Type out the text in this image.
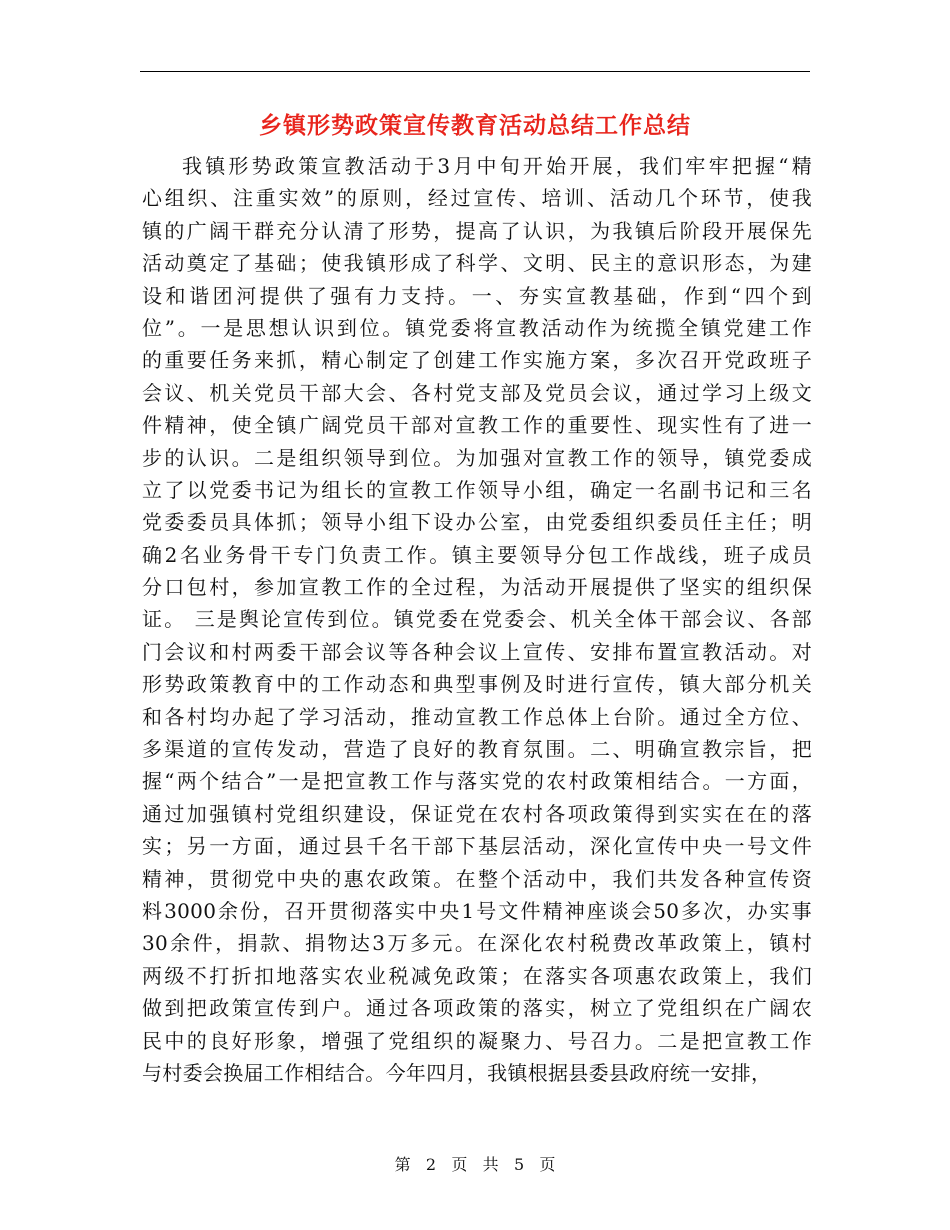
乡镇形势政策宣传教育活动总结工作总结
我镇形势政策宣教活动于3月中旬开始开展，我们牢牢把握“精
心组织、注重实效”的原则，经过宣传、培训、活动几个环节，使我
镇的广阔干群充分认清了形势，提高了认识，为我镇后阶段开展保先
活动奠定了基础；使我镇形成了科学、文明、民主的意识形态，为建
设和谐团河提供了强有力支持。一、夯实宣教基础，作到“四个到
位”。一是思想认识到位。镇党委将宣教活动作为统揽全镇党建工作
的重要任务来抓，精心制定了创建工作实施方案，多次召开党政班子
会议、机关党员干部大会、各村党支部及党员会议，通过学习上级文
件精神，使全镇广阔党员干部对宣教工作的重要性、现实性有了进一
步的认识。二是组织领导到位。为加强对宣教工作的领导，镇党委成
立了以党委书记为组长的宣教工作领导小组，确定一名副书记和三名
党委委员具体抓；领导小组下设办公室，由党委组织委员任主任；明
确2名业务骨干专门负责工作。镇主要领导分包工作战线，班子成员
分口包村，参加宣教工作的全过程，为活动开展提供了坚实的组织保
证。 三是舆论宣传到位。镇党委在党委会、机关全体干部会议、各部
门会议和村两委干部会议等各种会议上宣传、安排布置宣教活动。对
形势政策教育中的工作动态和典型事例及时进行宣传，镇大部分机关
和各村均办起了学习活动，推动宣教工作总体上台阶。通过全方位、
多渠道的宣传发动，营造了良好的教育氛围。二、明确宣教宗旨，把
握“两个结合”一是把宣教工作与落实党的农村政策相结合。一方面，
通过加强镇村党组织建设，保证党在农村各项政策得到实实在在的落
实；另一方面，通过县千名干部下基层活动，深化宣传中央一号文件
精神，贯彻党中央的惠农政策。在整个活动中，我们共发各种宣传资
料3000余份，召开贯彻落实中央1号文件精神座谈会50多次，办实事
30余件，捐款、捐物达3万多元。在深化农村税费改革政策上，镇村
两级不打折扣地落实农业税减免政策；在落实各项惠农政策上，我们
做到把政策宣传到户。通过各项政策的落实，树立了党组织在广阔农
民中的良好形象，增强了党组织的凝聚力、号召力。二是把宣教工作
与村委会换届工作相结合。今年四月，我镇根据县委县政府统一安排，
第 2 页 共 5 页
